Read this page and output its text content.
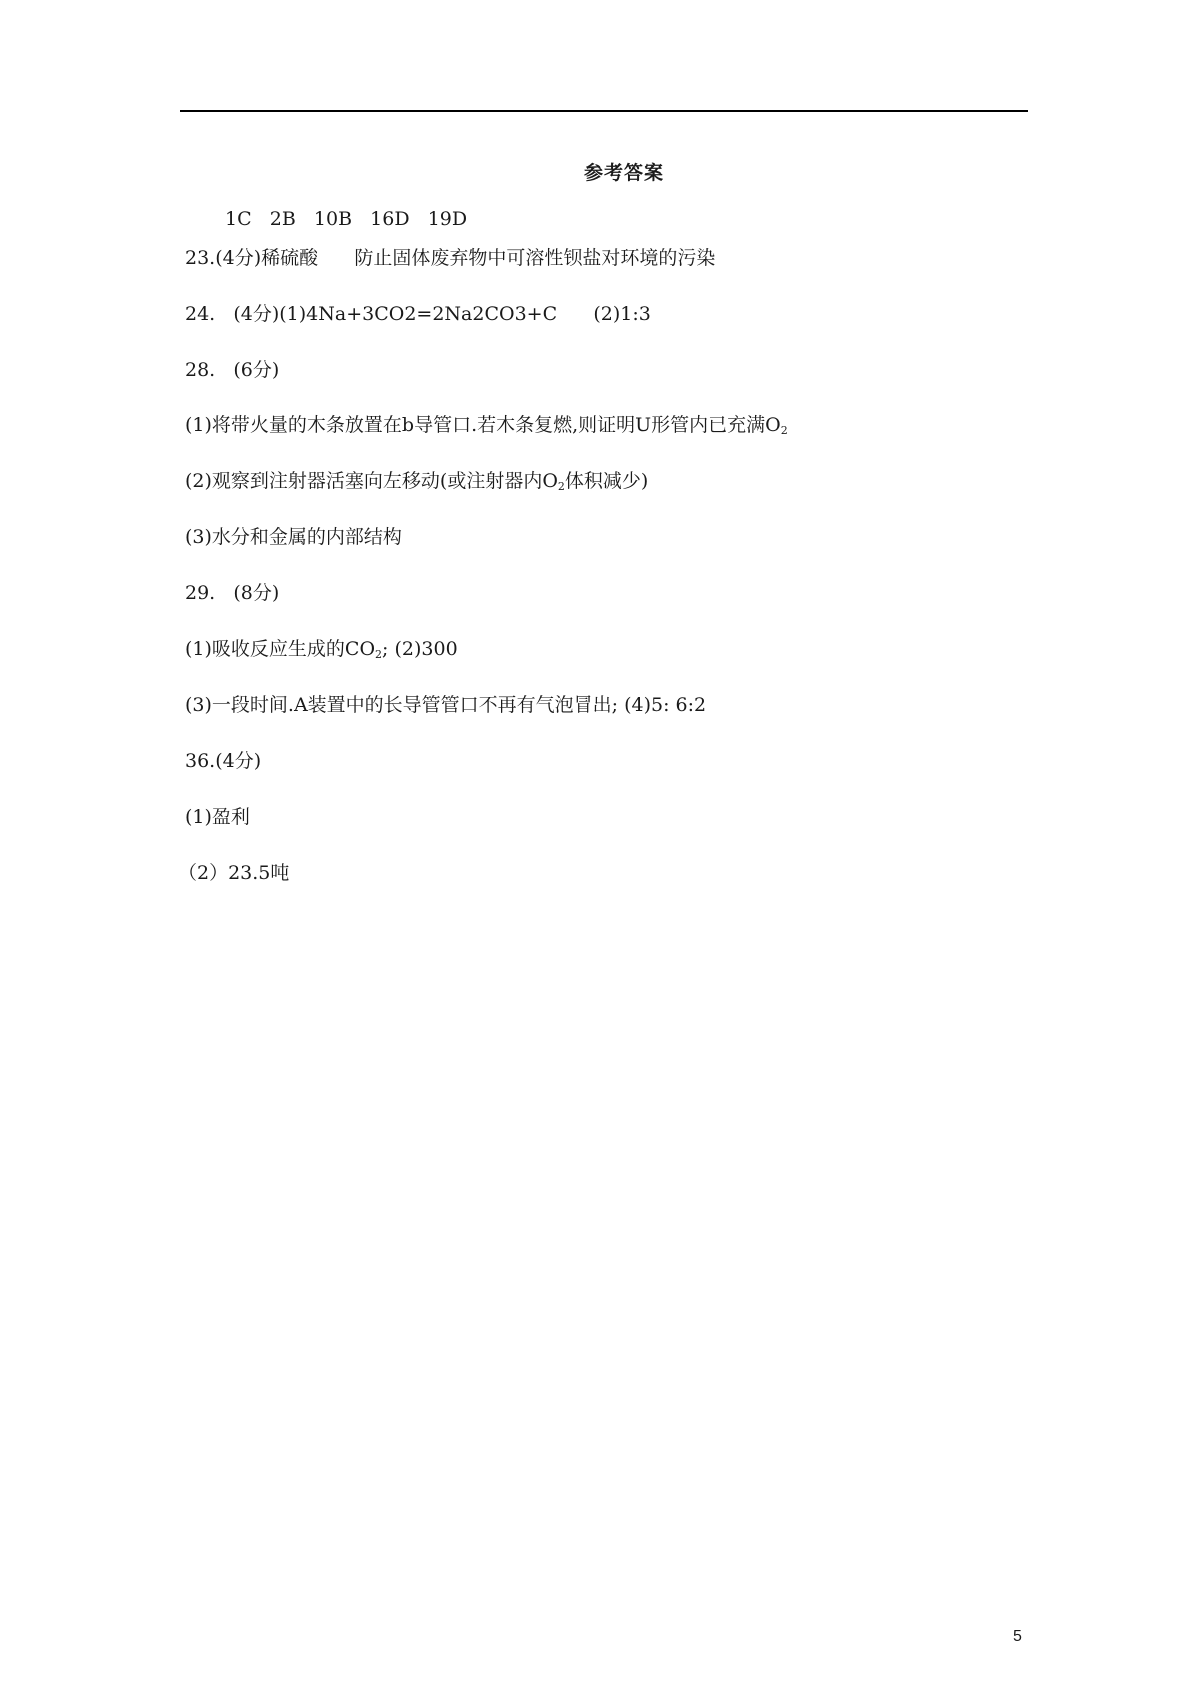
参考答案
1C   2B   10B   16D   19D
23.(4分)稀硫酸      防止固体废弃物中可溶性钡盐对环境的污染
24.   (4分)(1)4Na+3CO2=2Na2CO3+C      (2)1:3
28.   (6分)
(1)将带火量的木条放置在b导管口.若木条复燃,则证明U形管内已充满$O_2$
(2)观察到注射器活塞向左移动(或注射器内$O_2$体积减少)
(3)水分和金属的内部结构
29.   (8分)
(1)吸收反应生成的$CO_2$; (2)300
(3)一段时间.A装置中的长导管管口不再有气泡冒出; (4)5: 6:2
36.(4分)
(1)盈利
（2）23.5吨
5
